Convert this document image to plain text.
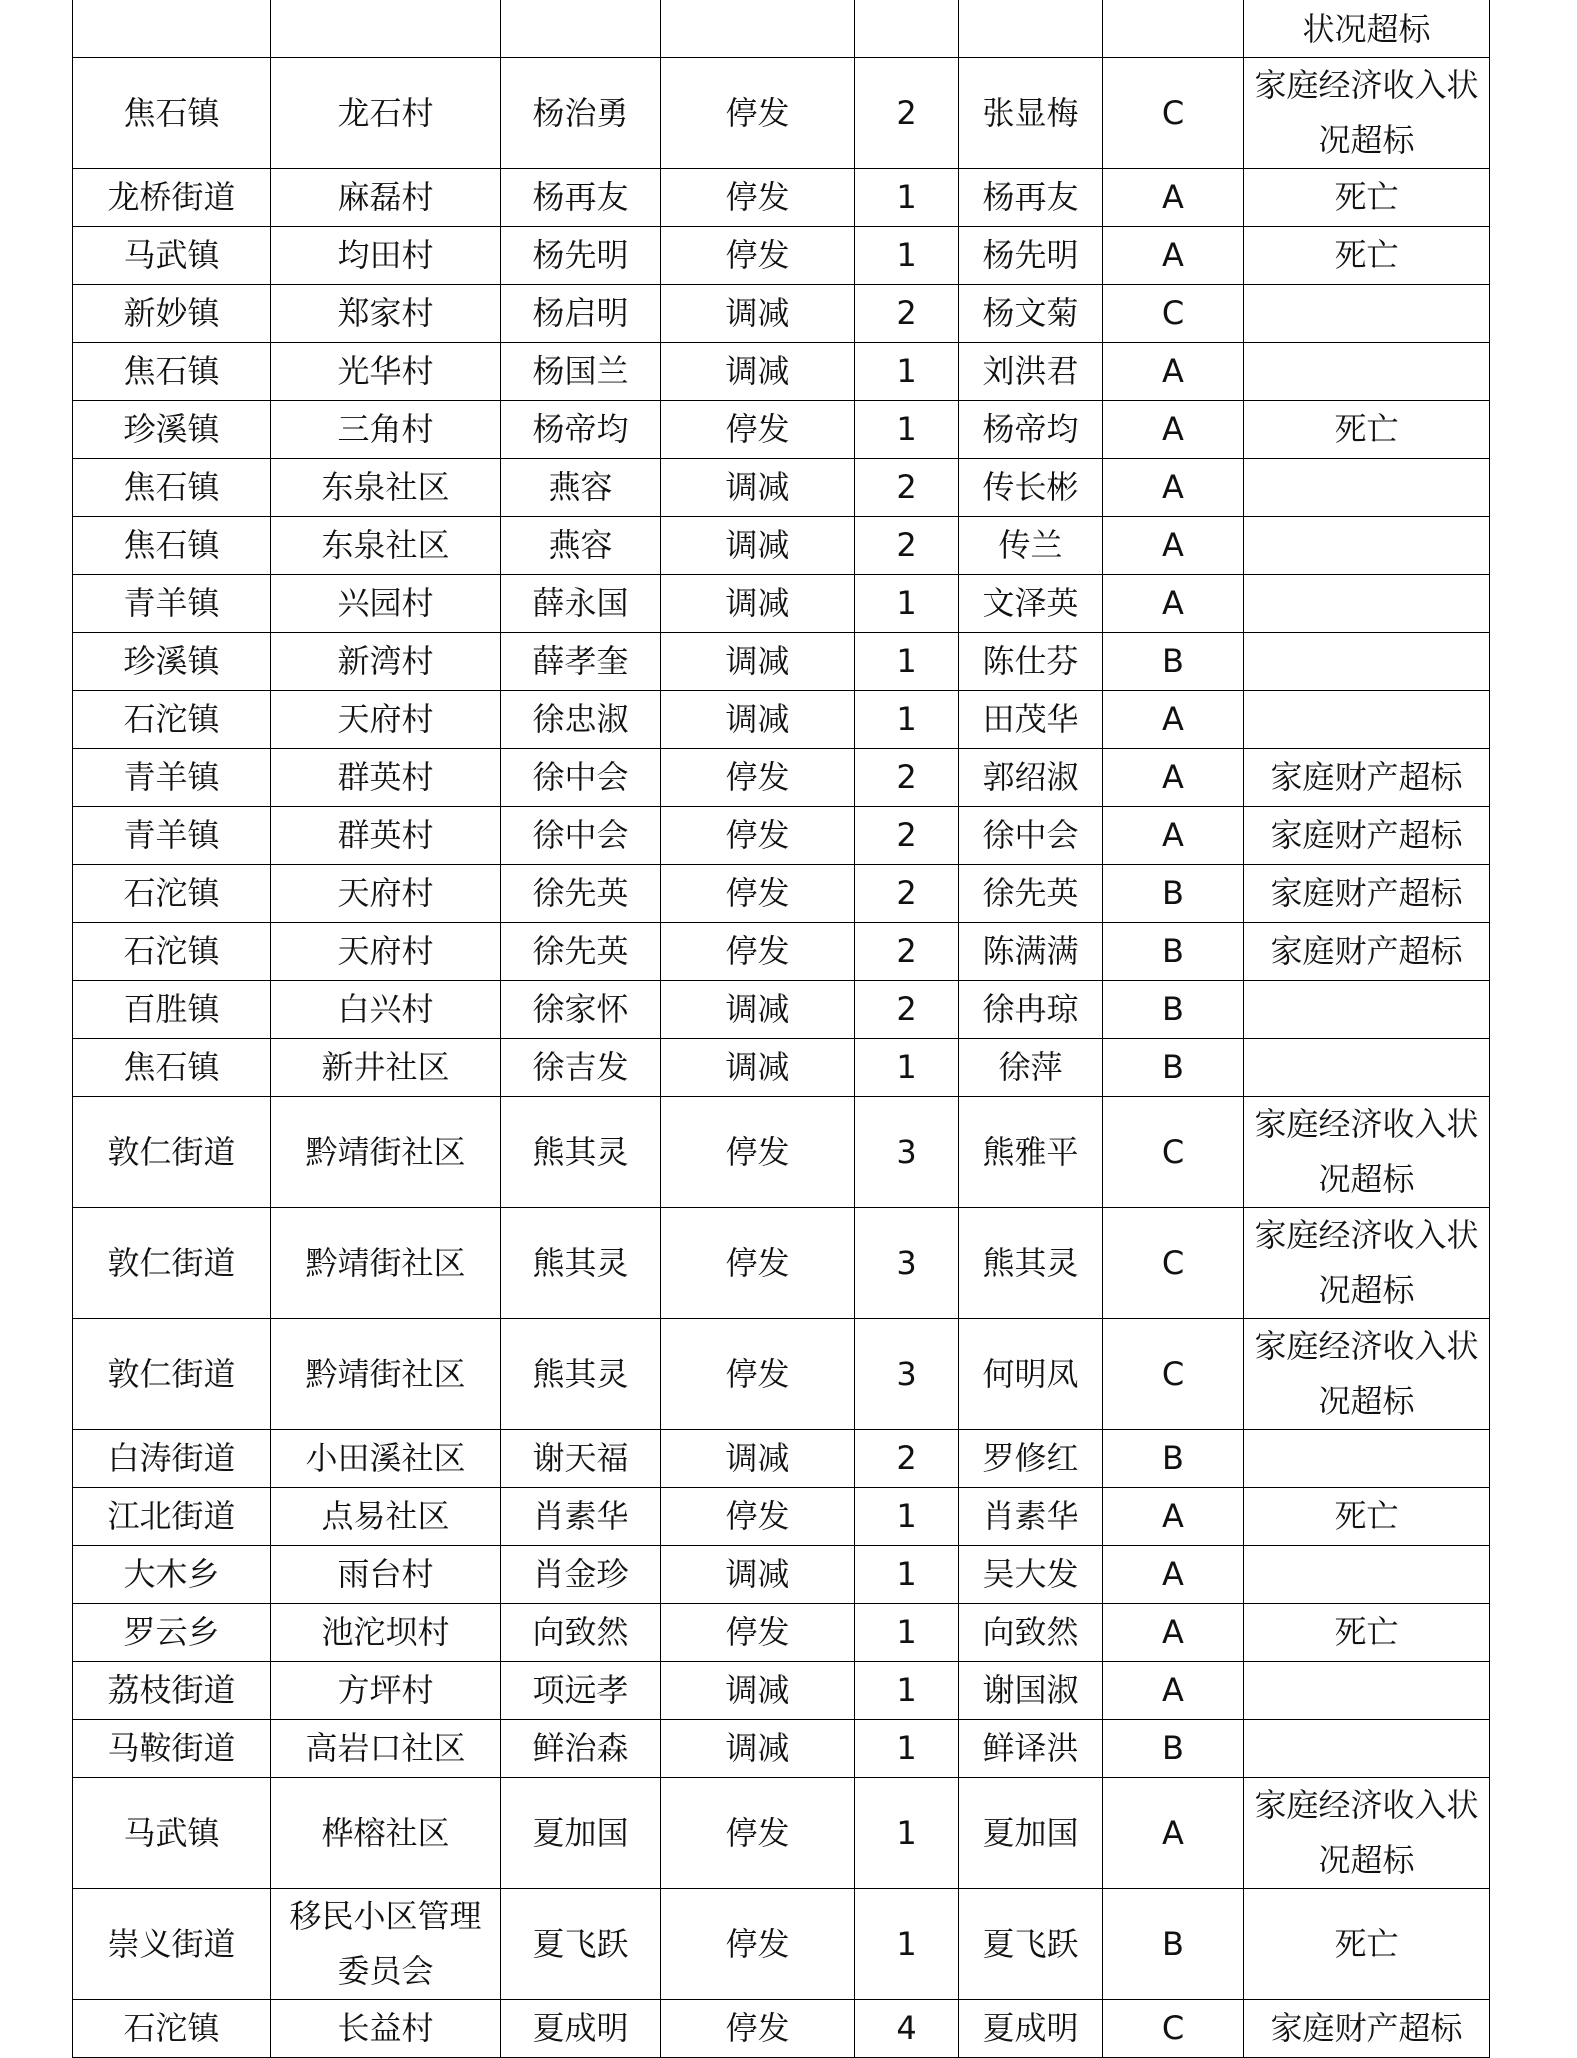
							状况超标
焦石镇	龙石村	杨治勇	停发	2	张显梅	C	家庭经济收入状况超标
龙桥街道	麻磊村	杨再友	停发	1	杨再友	A	死亡
马武镇	均田村	杨先明	停发	1	杨先明	A	死亡
新妙镇	郑家村	杨启明	调减	2	杨文菊	C	
焦石镇	光华村	杨国兰	调减	1	刘洪君	A	
珍溪镇	三角村	杨帝均	停发	1	杨帝均	A	死亡
焦石镇	东泉社区	燕容	调减	2	传长彬	A	
焦石镇	东泉社区	燕容	调减	2	传兰	A	
青羊镇	兴园村	薛永国	调减	1	文泽英	A	
珍溪镇	新湾村	薛孝奎	调减	1	陈仕芬	B	
石沱镇	天府村	徐忠淑	调减	1	田茂华	A	
青羊镇	群英村	徐中会	停发	2	郭绍淑	A	家庭财产超标
青羊镇	群英村	徐中会	停发	2	徐中会	A	家庭财产超标
石沱镇	天府村	徐先英	停发	2	徐先英	B	家庭财产超标
石沱镇	天府村	徐先英	停发	2	陈满满	B	家庭财产超标
百胜镇	白兴村	徐家怀	调减	2	徐冉琼	B	
焦石镇	新井社区	徐吉发	调减	1	徐萍	B	
敦仁街道	黔靖街社区	熊其灵	停发	3	熊雅平	C	家庭经济收入状况超标
敦仁街道	黔靖街社区	熊其灵	停发	3	熊其灵	C	家庭经济收入状况超标
敦仁街道	黔靖街社区	熊其灵	停发	3	何明凤	C	家庭经济收入状况超标
白涛街道	小田溪社区	谢天福	调减	2	罗修红	B	
江北街道	点易社区	肖素华	停发	1	肖素华	A	死亡
大木乡	雨台村	肖金珍	调减	1	吴大发	A	
罗云乡	池沱坝村	向致然	停发	1	向致然	A	死亡
荔枝街道	方坪村	项远孝	调减	1	谢国淑	A	
马鞍街道	高岩口社区	鲜治森	调减	1	鲜译洪	B	
马武镇	桦榕社区	夏加国	停发	1	夏加国	A	家庭经济收入状况超标
崇义街道	移民小区管理委员会	夏飞跃	停发	1	夏飞跃	B	死亡
石沱镇	长益村	夏成明	停发	4	夏成明	C	家庭财产超标
